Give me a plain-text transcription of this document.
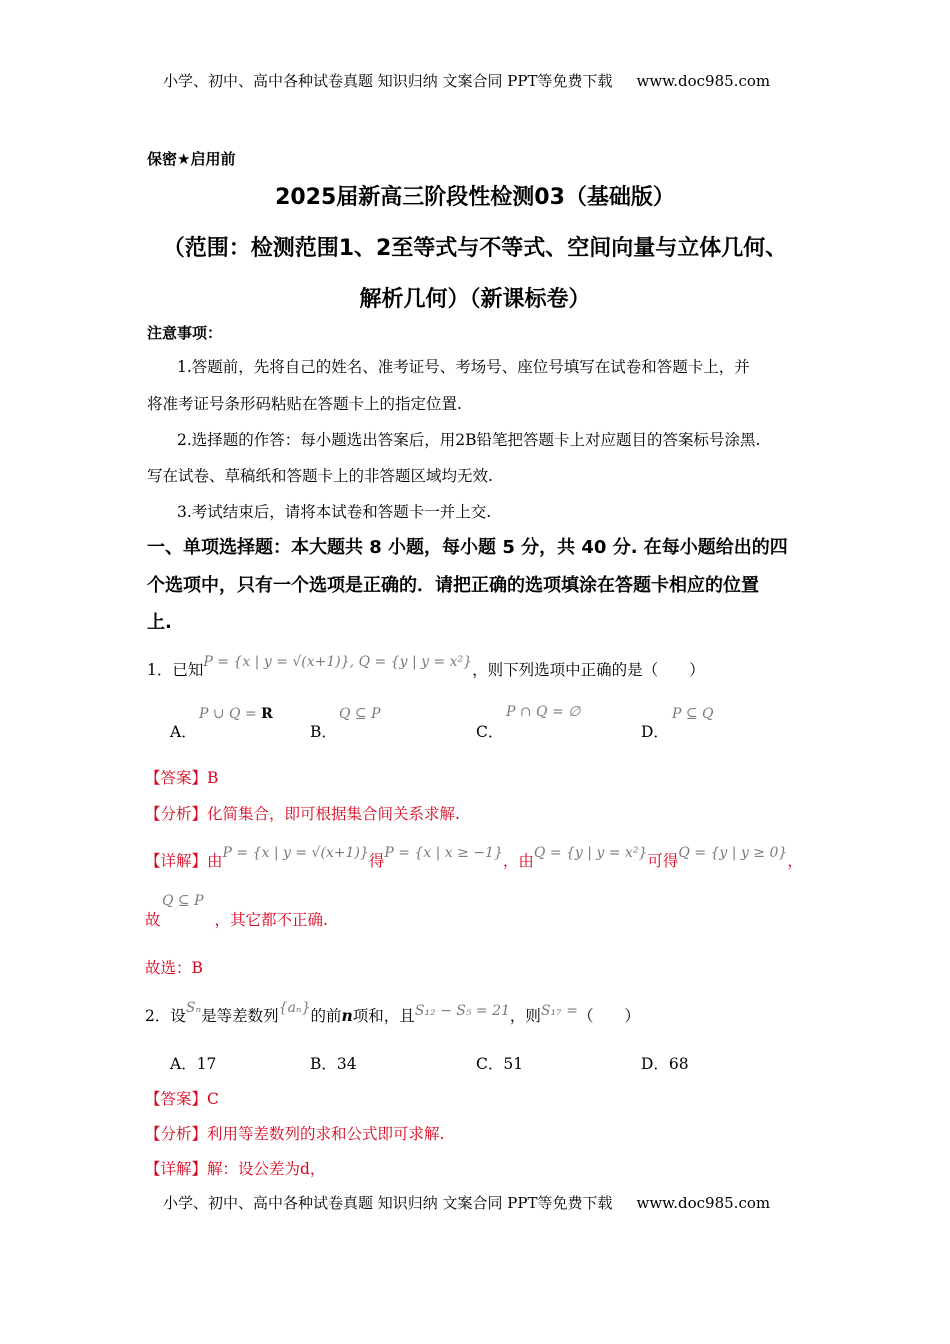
小学、初中、高中各种试卷真题 知识归纳 文案合同 PPT等免费下载 www.doc985.com
保密★启用前
2025届新高三阶段性检测03（基础版）
（范围：检测范围1、2至等式与不等式、空间向量与立体几何、
解析几何）（新课标卷）
注意事项：
1.答题前，先将自己的姓名、准考证号、考场号、座位号填写在试卷和答题卡上，并
将准考证号条形码粘贴在答题卡上的指定位置.
2.选择题的作答：每小题选出答案后，用2B铅笔把答题卡上对应题目的答案标号涂黑.
写在试卷、草稿纸和答题卡上的非答题区域均无效.
3.考试结束后，请将本试卷和答题卡一并上交.
一、单项选择题：本大题共 8 小题，每小题 5 分，共 40 分. 在每小题给出的四
个选项中，只有一个选项是正确的．请把正确的选项填涂在答题卡相应的位置
上.
1．已知P = {x | y = √(x+1)}, Q = {y | y = x²}，则下列选项中正确的是（　　）
P ∪ Q = R
A．
Q ⊆ P
B．
P ∩ Q = ∅
C．
P ⊆ Q
D．
【答案】B
【分析】化简集合，即可根据集合间关系求解.
【详解】由P = {x | y = √(x+1)}得P = {x | x ≥ −1}，由Q = {y | y = x²}可得Q = {y | y ≥ 0}，
Q ⊆ P
故	，其它都不正确.
故选：B
2．设Sₙ是等差数列{aₙ}的前n项和，且S₁₂ − S₅ = 21，则S₁₇ =（　　）
A．17	B．34	C．51	D．68
【答案】C
【分析】利用等差数列的求和公式即可求解.
【详解】解：设公差为d，
小学、初中、高中各种试卷真题 知识归纳 文案合同 PPT等免费下载 www.doc985.com
